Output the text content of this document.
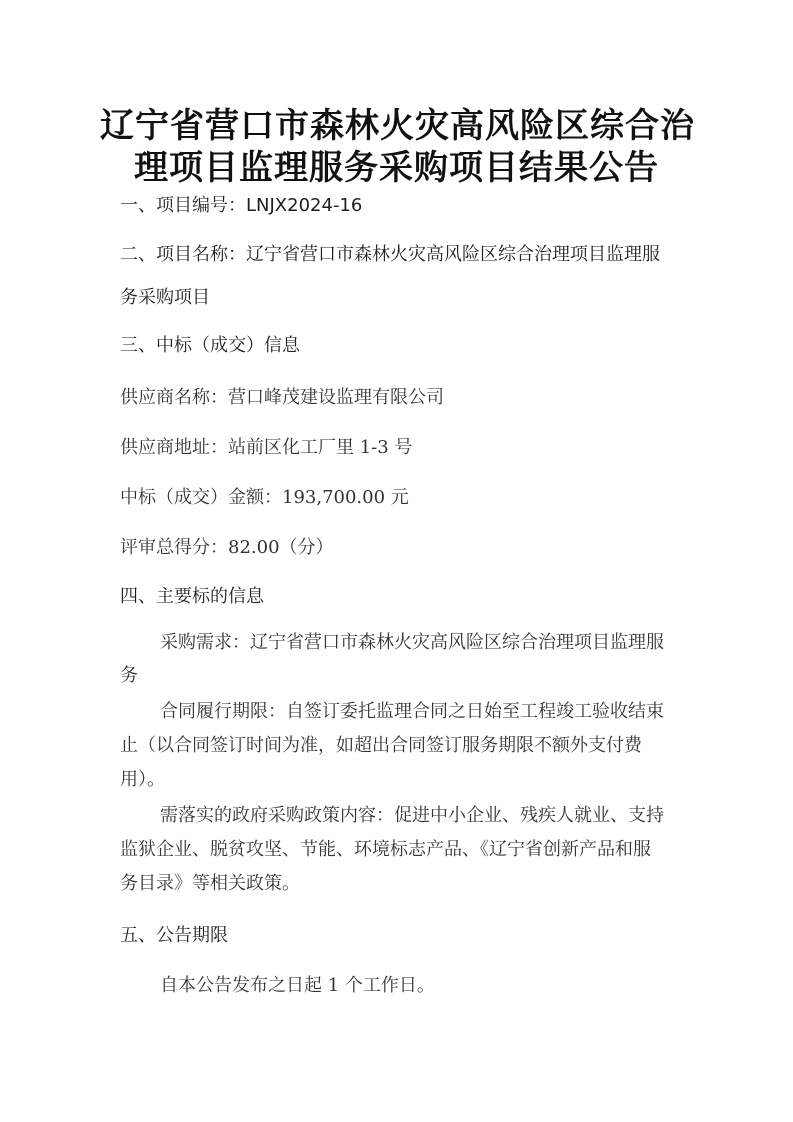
辽宁省营口市森林火灾高风险区综合治
理项目监理服务采购项目结果公告
一、项目编号：LNJX2024-16
二、项目名称：辽宁省营口市森林火灾高风险区综合治理项目监理服
务采购项目
三、中标（成交）信息
供应商名称：营口峰茂建设监理有限公司
供应商地址：站前区化工厂里 1-3 号
中标（成交）金额：193,700.00 元
评审总得分：82.00（分）
四、主要标的信息
采购需求：辽宁省营口市森林火灾高风险区综合治理项目监理服
务
合同履行期限：自签订委托监理合同之日始至工程竣工验收结束
止（以合同签订时间为准，如超出合同签订服务期限不额外支付费
用）。
需落实的政府采购政策内容：促进中小企业、残疾人就业、支持
监狱企业、脱贫攻坚、节能、环境标志产品、《辽宁省创新产品和服
务目录》等相关政策。
五、公告期限
自本公告发布之日起 1 个工作日。
